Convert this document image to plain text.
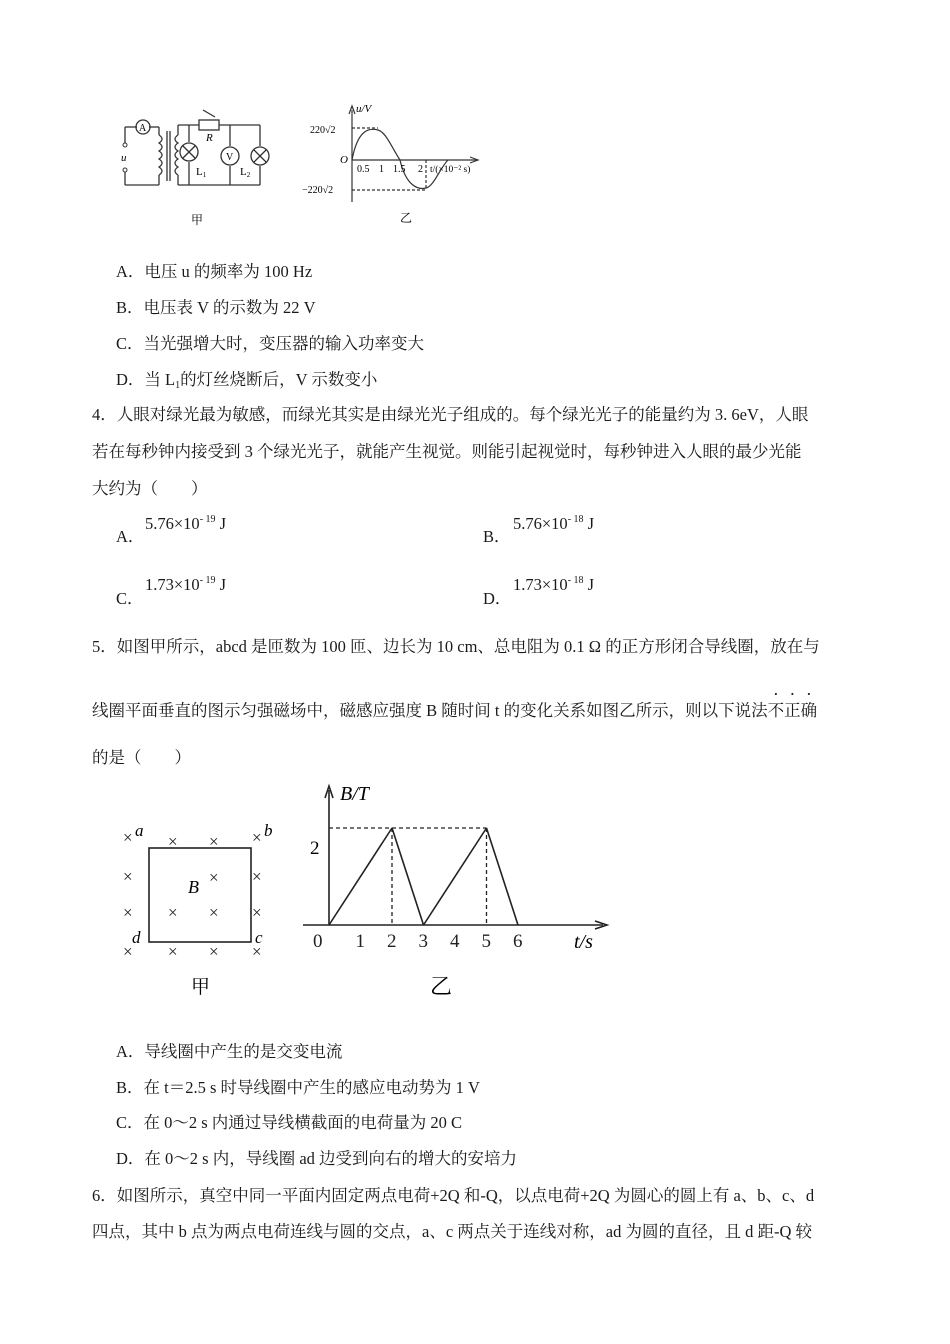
A
u
R
V
L1	L2
甲
u/V
220√2
−220√2
O
0.5 1 1.5 2 t/(×10⁻² s)
乙
A．电压 u 的频率为 100 Hz
B．电压表 V 的示数为 22 V
C．当光强增大时，变压器的输入功率变大
D．当 L1的灯丝烧断后，V 示数变小
4．人眼对绿光最为敏感，而绿光其实是由绿光光子组成的。每个绿光光子的能量约为 3. 6eV，人眼
若在每秒钟内接受到 3 个绿光光子，就能产生视觉。则能引起视觉时，每秒钟进入人眼的最少光能
大约为（　　）
A．
$5.76\times 10^{- 19}$ J
B．
$5.76\times 10^{- 18}$ J
C．
$1.73\times 10^{- 19}$ J
D．
$1.73\times 10^{- 18}$ J
5．如图甲所示，abcd 是匝数为 100 匝、边长为 10 cm、总电阻为 0.1 Ω 的正方形闭合导线圈，放在与
线圈平面垂直的图示匀强磁场中，磁感应强度 B 随时间 t 的变化关系如图乙所示，则以下说法不正确
的是（　　）
× × × ×
×	×
×
× × × ×
× × × ×
a	b
c
d
B
甲
0 1 2 3 4 5 6
B/T
2
t/s
乙
A．导线圈中产生的是交变电流
B．在 t＝2.5 s 时导线圈中产生的感应电动势为 1 V
C．在 0～2 s 内通过导线横截面的电荷量为 20 C
D．在 0～2 s 内，导线圈 ad 边受到向右的增大的安培力
6．如图所示，真空中同一平面内固定两点电荷+2Q 和-Q，以点电荷+2Q 为圆心的圆上有 a、b、c、d
四点，其中 b 点为两点电荷连线与圆的交点，a、c 两点关于连线对称，ad 为圆的直径，且 d 距-Q 较
